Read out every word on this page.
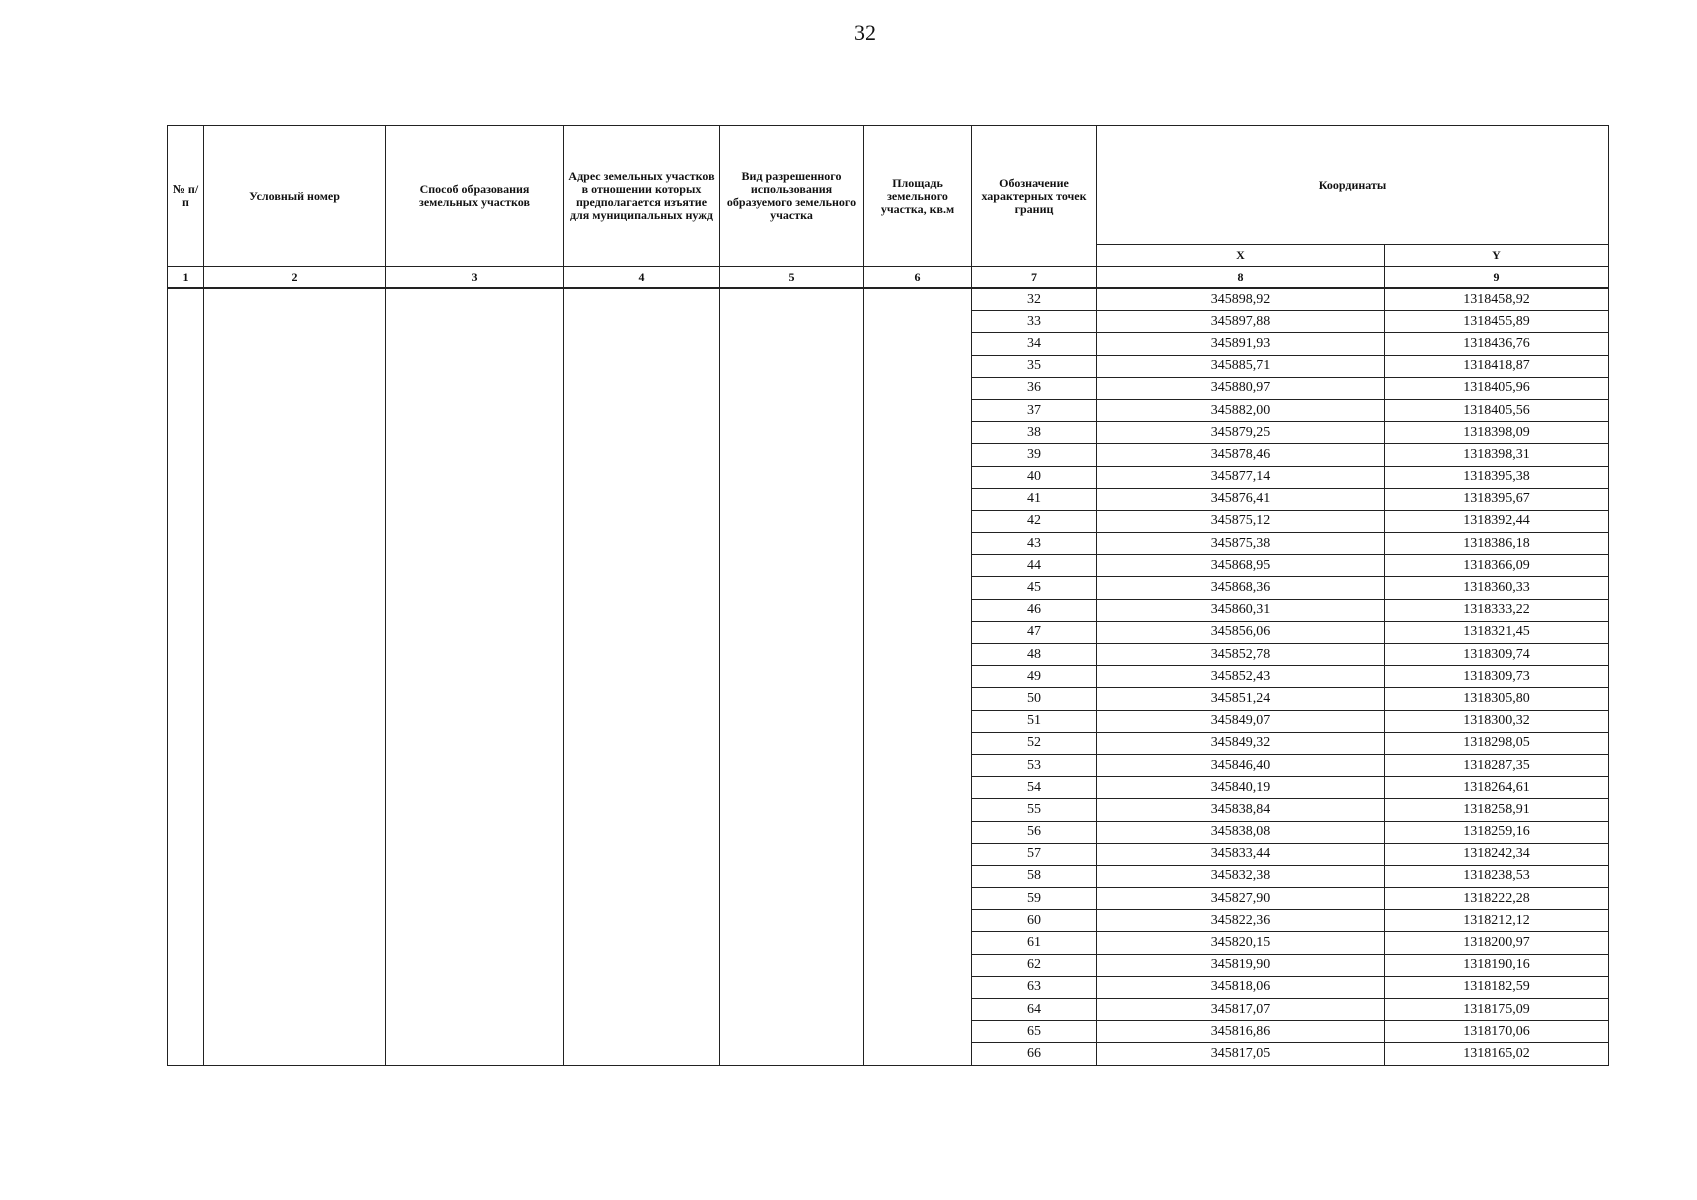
32
№ п/п	Условный номер	Способ образования земельных участков	Адрес земельных участков в отношении которых предполагается изъятие для муниципальных нужд	Вид разрешенного использования образуемого земельного участка	Площадь земельного участка, кв.м	Обозначение характерных точек границ	Координаты	
							X	Y
1	2	3	4	5	6	7	8	9
						32	345898,92	1318458,92
						33	345897,88	1318455,89
						34	345891,93	1318436,76
						35	345885,71	1318418,87
						36	345880,97	1318405,96
						37	345882,00	1318405,56
						38	345879,25	1318398,09
						39	345878,46	1318398,31
						40	345877,14	1318395,38
						41	345876,41	1318395,67
						42	345875,12	1318392,44
						43	345875,38	1318386,18
						44	345868,95	1318366,09
						45	345868,36	1318360,33
						46	345860,31	1318333,22
						47	345856,06	1318321,45
						48	345852,78	1318309,74
						49	345852,43	1318309,73
						50	345851,24	1318305,80
						51	345849,07	1318300,32
						52	345849,32	1318298,05
						53	345846,40	1318287,35
						54	345840,19	1318264,61
						55	345838,84	1318258,91
						56	345838,08	1318259,16
						57	345833,44	1318242,34
						58	345832,38	1318238,53
						59	345827,90	1318222,28
						60	345822,36	1318212,12
						61	345820,15	1318200,97
						62	345819,90	1318190,16
						63	345818,06	1318182,59
						64	345817,07	1318175,09
						65	345816,86	1318170,06
						66	345817,05	1318165,02
